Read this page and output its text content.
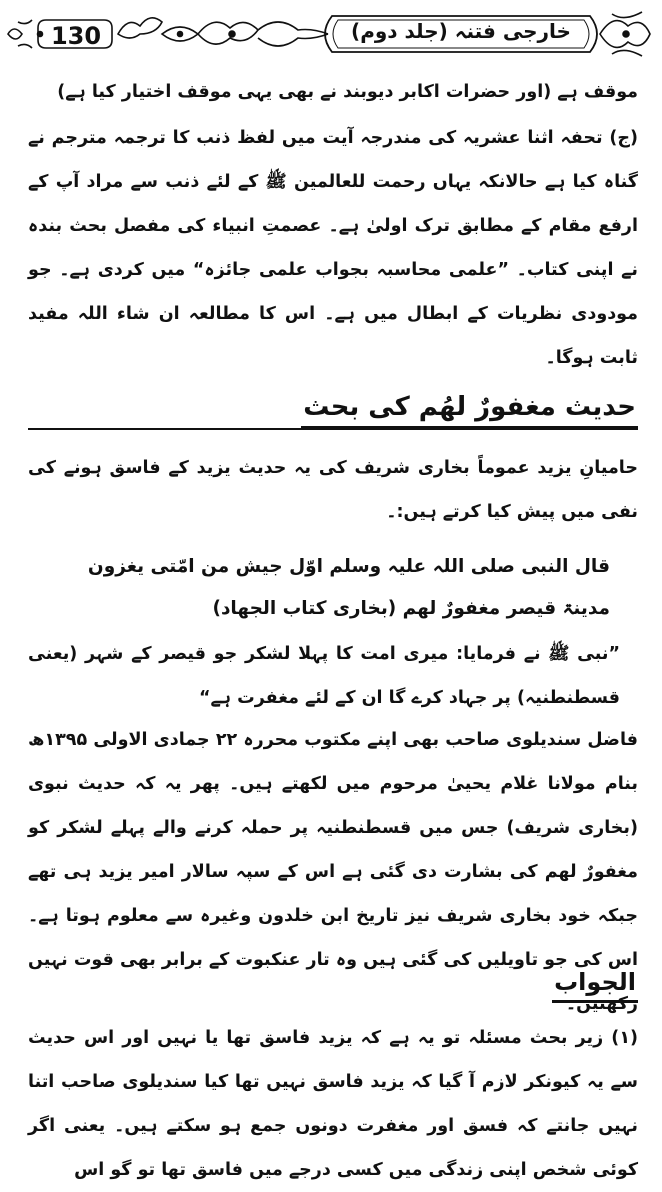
130	خارجی فتنہ (جلد دوم)
موقف ہے (اور حضرات اکابر دیوبند نے بھی یہی موقف اختیار کیا ہے)
(ج) تحفہ اثنا عشریہ کی مندرجہ آیت میں لفظ ذنب کا ترجمہ مترجم نے گناہ کیا ہے حالانکہ یہاں رحمت للعالمین ﷺ کے لئے ذنب سے مراد آپ کے ارفع مقام کے مطابق ترک اولیٰ ہے۔ عصمتِ انبیاء کی مفصل بحث بندہ نے اپنی کتاب۔ ”علمی محاسبہ بجواب علمی جائزہ“ میں کردی ہے۔ جو مودودی نظریات کے ابطال میں ہے۔ اس کا مطالعہ ان شاء اللہ مفید ثابت ہوگا۔
حدیث مغفورٌ لھُم کی بحث
حامیانِ یزید عموماً بخاری شریف کی یہ حدیث یزید کے فاسق ہونے کی نفی میں پیش کیا کرتے ہیں:۔
قال النبی صلی اللہ علیہ وسلم اوّل جیش من امّتی یغزون
مدینۃ قیصر مغفورٌ لھم (بخاری کتاب الجھاد)
”نبی ﷺ نے فرمایا: میری امت کا پہلا لشکر جو قیصر کے شہر (یعنی قسطنطنیہ) پر جہاد کرے گا ان کے لئے مغفرت ہے“
فاضل سندیلوی صاحب بھی اپنے مکتوب محررہ ۲۲ جمادی الاولی ۱۳۹۵ھ بنام مولانا غلام یحییٰ مرحوم میں لکھتے ہیں۔ پھر یہ کہ حدیث نبوی (بخاری شریف) جس میں قسطنطنیہ پر حملہ کرنے والے پہلے لشکر کو مغفورٌ لھم کی بشارت دی گئی ہے اس کے سپہ سالار امیر یزید ہی تھے جبکہ خود بخاری شریف نیز تاریخ ابن خلدون وغیرہ سے معلوم ہوتا ہے۔ اس کی جو تاویلیں کی گئی ہیں وہ تار عنکبوت کے برابر بھی قوت نہیں رکھتیں۔
الجواب
(۱) زیر بحث مسئلہ تو یہ ہے کہ یزید فاسق تھا یا نہیں اور اس حدیث سے یہ کیونکر لازم آ گیا کہ یزید فاسق نہیں تھا کیا سندیلوی صاحب اتنا نہیں جانتے کہ فسق اور مغفرت دونوں جمع ہو سکتے ہیں۔ یعنی اگر کوئی شخص اپنی زندگی میں کسی درجے میں فاسق تھا تو گو اس
